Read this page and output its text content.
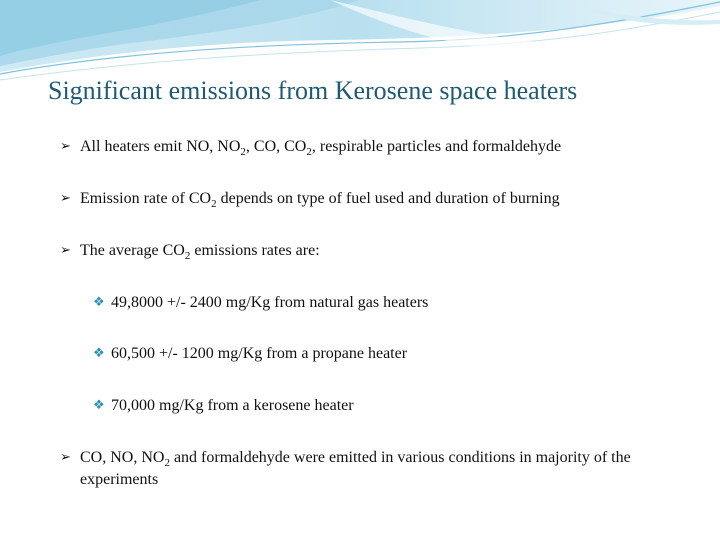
Significant emissions from Kerosene space heaters
➢ All heaters emit NO, $NO_2$, CO, $CO_2$, respirable particles and formaldehyde
➢ Emission rate of $CO_2$ depends on type of fuel used and duration of burning
➢ The average $CO_2$ emissions rates are:
❖ 49,8000 +/- 2400 mg/Kg from natural gas heaters
❖ 60,500 +/- 1200 mg/Kg from a propane heater
❖ 70,000 mg/Kg from a kerosene heater
➢ CO, NO, $NO_2$ and formaldehyde were emitted in various conditions in majority of the experiments
